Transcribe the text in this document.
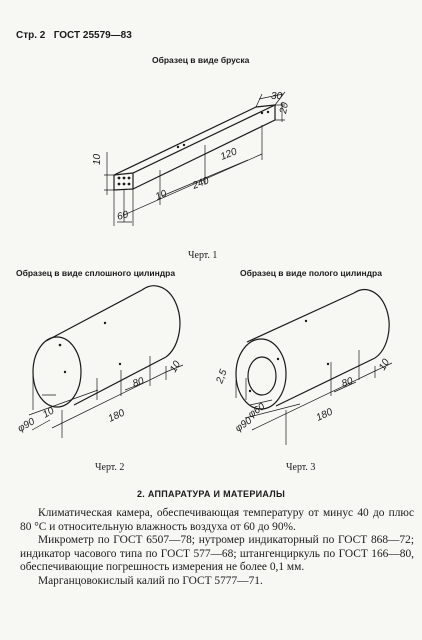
Стр. 2 ГОСТ 25579—83
Образец в виде бруска
30
20
10	120
240
10
60
Черт. 1
Образец в виде сплошного цилиндра	Образец в виде полого цилиндра
80
10
10	180
φ90
80
10
2,5
φ60
φ90
180
Черт. 2	Черт. 3
2. АППАРАТУРА И МАТЕРИАЛЫ

Климатическая камера, обеспечивающая температуру от минус 40 до плюс 80 °С и относительную влажность воздуха от 60 до 90%.

Микрометр по ГОСТ 6507—78; нутромер индикаторный по ГОСТ 868—72; индикатор часового типа по ГОСТ 577—68; штангенциркуль по ГОСТ 166—80, обеспечивающие погрешность измерения не более 0,1 мм.

Марганцовокислый калий по ГОСТ 5777—71.
